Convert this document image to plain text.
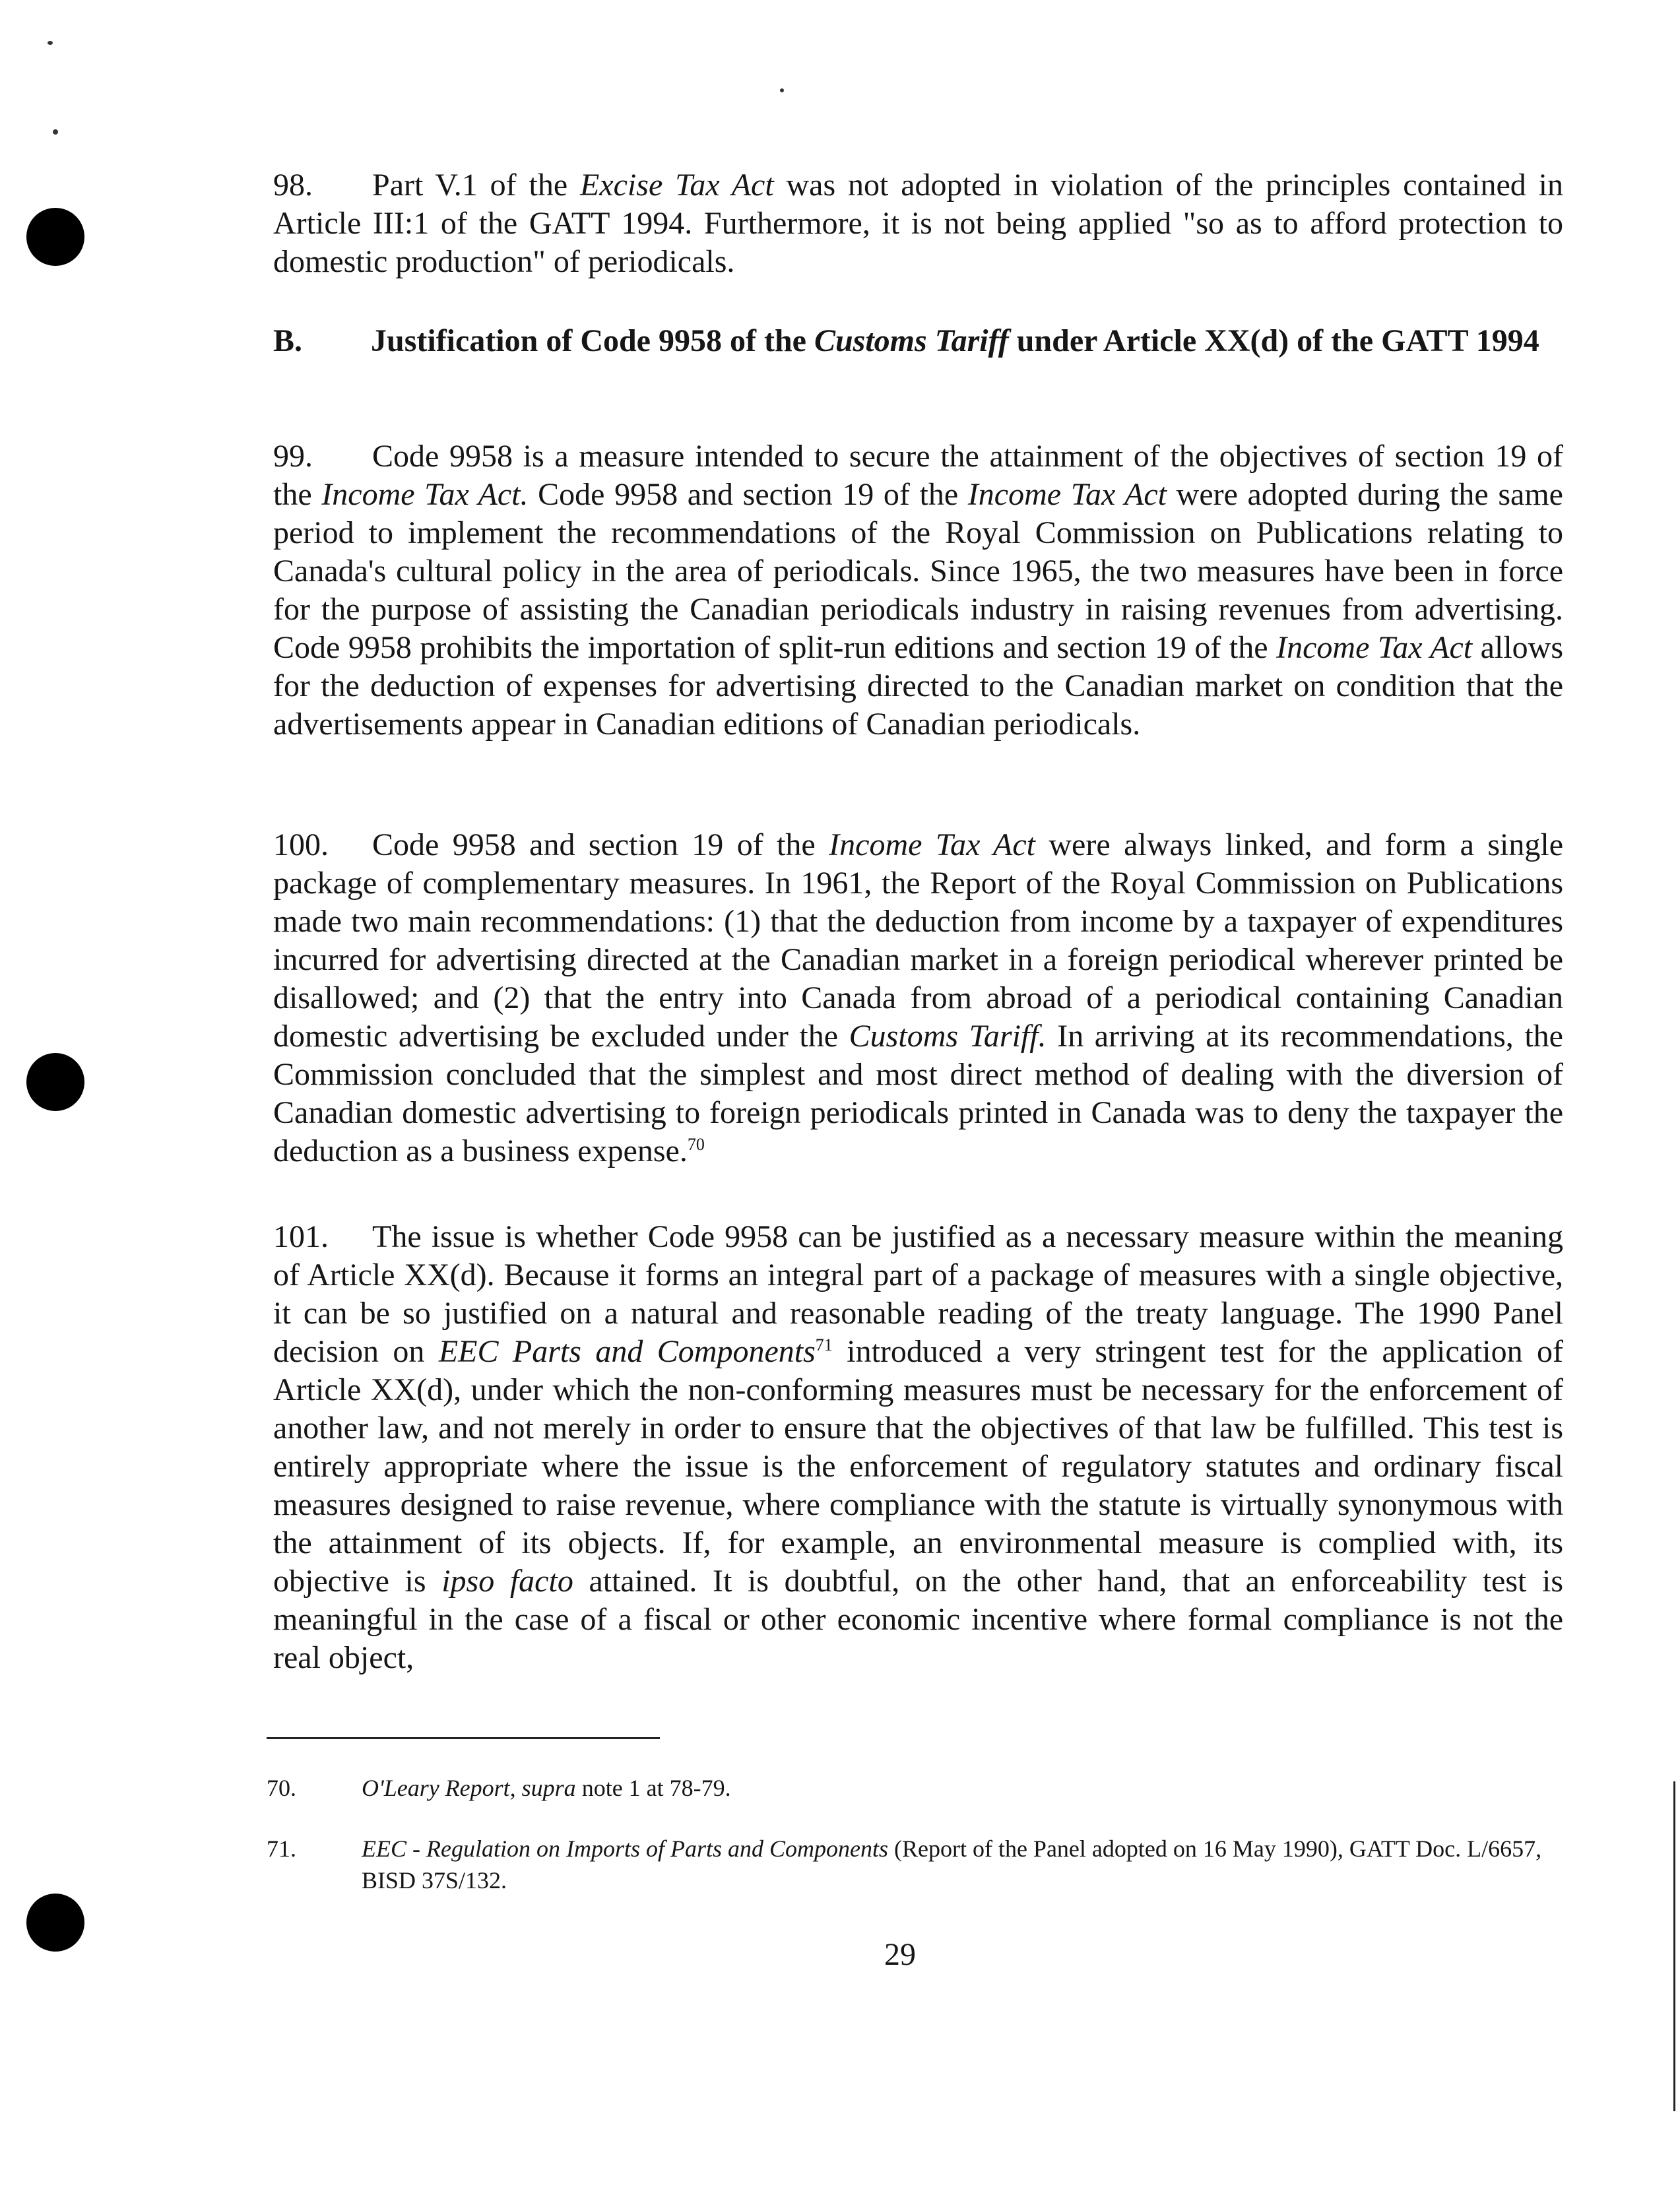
98. Part V.1 of the Excise Tax Act was not adopted in violation of the principles contained in Article III:1 of the GATT 1994. Furthermore, it is not being applied "so as to afford protection to domestic production" of periodicals.

B. Justification of Code 9958 of the Customs Tariff under Article XX(d) of the GATT 1994

99. Code 9958 is a measure intended to secure the attainment of the objectives of section 19 of the Income Tax Act. Code 9958 and section 19 of the Income Tax Act were adopted during the same period to implement the recommendations of the Royal Commission on Publications relating to Canada's cultural policy in the area of periodicals. Since 1965, the two measures have been in force for the purpose of assisting the Canadian periodicals industry in raising revenues from advertising. Code 9958 prohibits the importation of split-run editions and section 19 of the Income Tax Act allows for the deduction of expenses for advertising directed to the Canadian market on condition that the advertisements appear in Canadian editions of Canadian periodicals.

100. Code 9958 and section 19 of the Income Tax Act were always linked, and form a single package of complementary measures. In 1961, the Report of the Royal Commission on Publications made two main recommendations: (1) that the deduction from income by a taxpayer of expenditures incurred for advertising directed at the Canadian market in a foreign periodical wherever printed be disallowed; and (2) that the entry into Canada from abroad of a periodical containing Canadian domestic advertising be excluded under the Customs Tariff. In arriving at its recommendations, the Commission concluded that the simplest and most direct method of dealing with the diversion of Canadian domestic advertising to foreign periodicals printed in Canada was to deny the taxpayer the deduction as a business expense.$^{70}$

101. The issue is whether Code 9958 can be justified as a necessary measure within the meaning of Article XX(d). Because it forms an integral part of a package of measures with a single objective, it can be so justified on a natural and reasonable reading of the treaty language. The 1990 Panel decision on EEC Parts and Components$^{71}$ introduced a very stringent test for the application of Article XX(d), under which the non-conforming measures must be necessary for the enforcement of another law, and not merely in order to ensure that the objectives of that law be fulfilled. This test is entirely appropriate where the issue is the enforcement of regulatory statutes and ordinary fiscal measures designed to raise revenue, where compliance with the statute is virtually synonymous with the attainment of its objects. If, for example, an environmental measure is complied with, its objective is ipso facto attained. It is doubtful, on the other hand, that an enforceability test is meaningful in the case of a fiscal or other economic incentive where formal compliance is not the real object,

70.	O'Leary Report, supra note 1 at 78-79.
71.	EEC - Regulation on Imports of Parts and Components (Report of the Panel adopted on 16 May 1990), GATT Doc. L/6657, BISD 37S/132.
29
